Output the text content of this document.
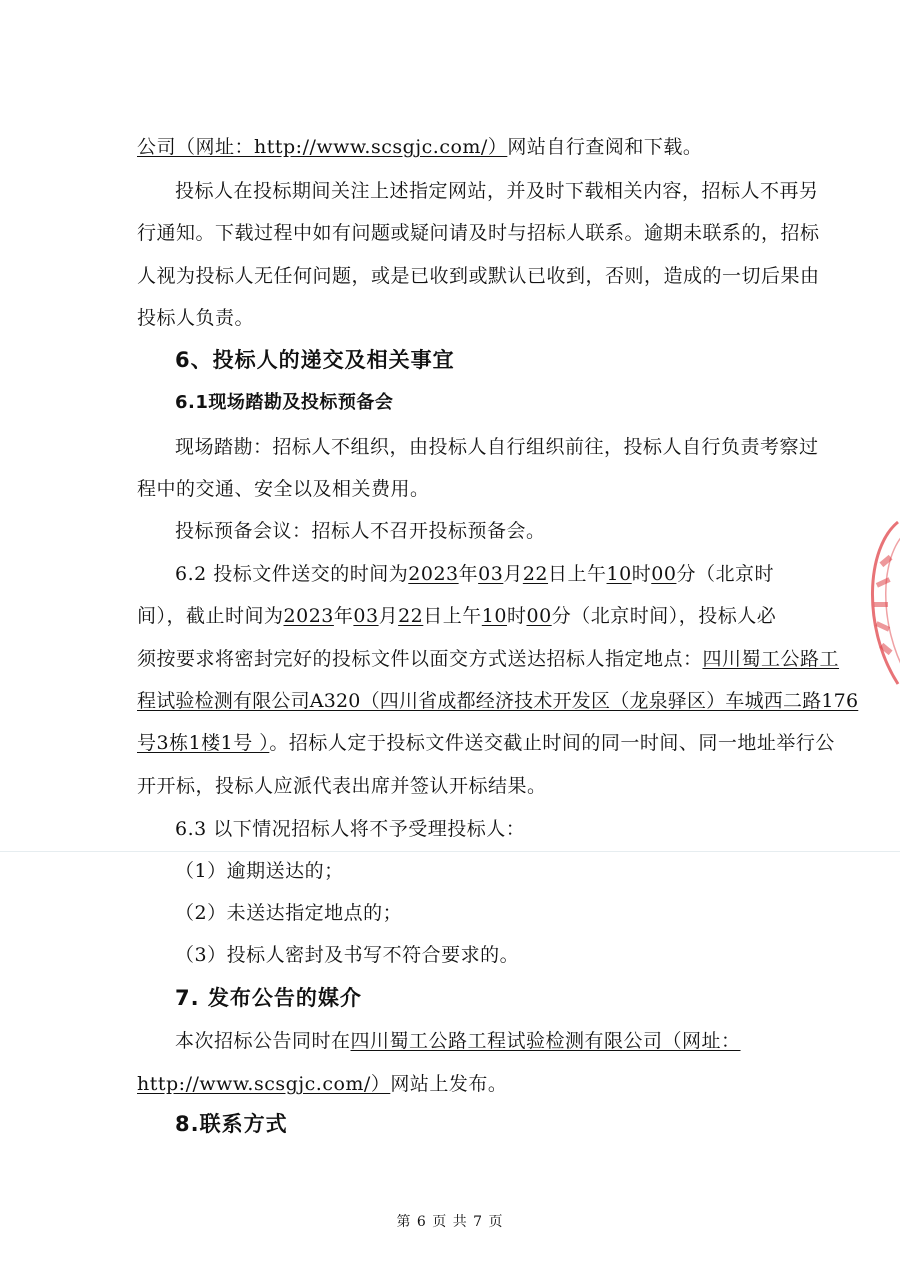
公司（网址：http://www.scsgjc.com/）网站自行查阅和下载。
投标人在投标期间关注上述指定网站，并及时下载相关内容，招标人不再另
行通知。下载过程中如有问题或疑问请及时与招标人联系。逾期未联系的，招标
人视为投标人无任何问题，或是已收到或默认已收到，否则，造成的一切后果由
投标人负责。
6、投标人的递交及相关事宜
6.1现场踏勘及投标预备会
现场踏勘：招标人不组织，由投标人自行组织前往，投标人自行负责考察过
程中的交通、安全以及相关费用。
投标预备会议：招标人不召开投标预备会。
6.2 投标文件送交的时间为2023年03月22日上午10时00分（北京时
间），截止时间为2023年03月22日上午10时00分（北京时间），投标人必
须按要求将密封完好的投标文件以面交方式送达招标人指定地点：四川蜀工公路工
程试验检测有限公司A320（四川省成都经济技术开发区（龙泉驿区）车城西二路176
号3栋1楼1号 ）。招标人定于投标文件送交截止时间的同一时间、同一地址举行公
开开标，投标人应派代表出席并签认开标结果。
6.3 以下情况招标人将不予受理投标人：
（1）逾期送达的；
（2）未送达指定地点的；
（3）投标人密封及书写不符合要求的。
7. 发布公告的媒介
本次招标公告同时在四川蜀工公路工程试验检测有限公司（网址：
http://www.scsgjc.com/）网站上发布。
8.联系方式
第 6 页 共 7 页
